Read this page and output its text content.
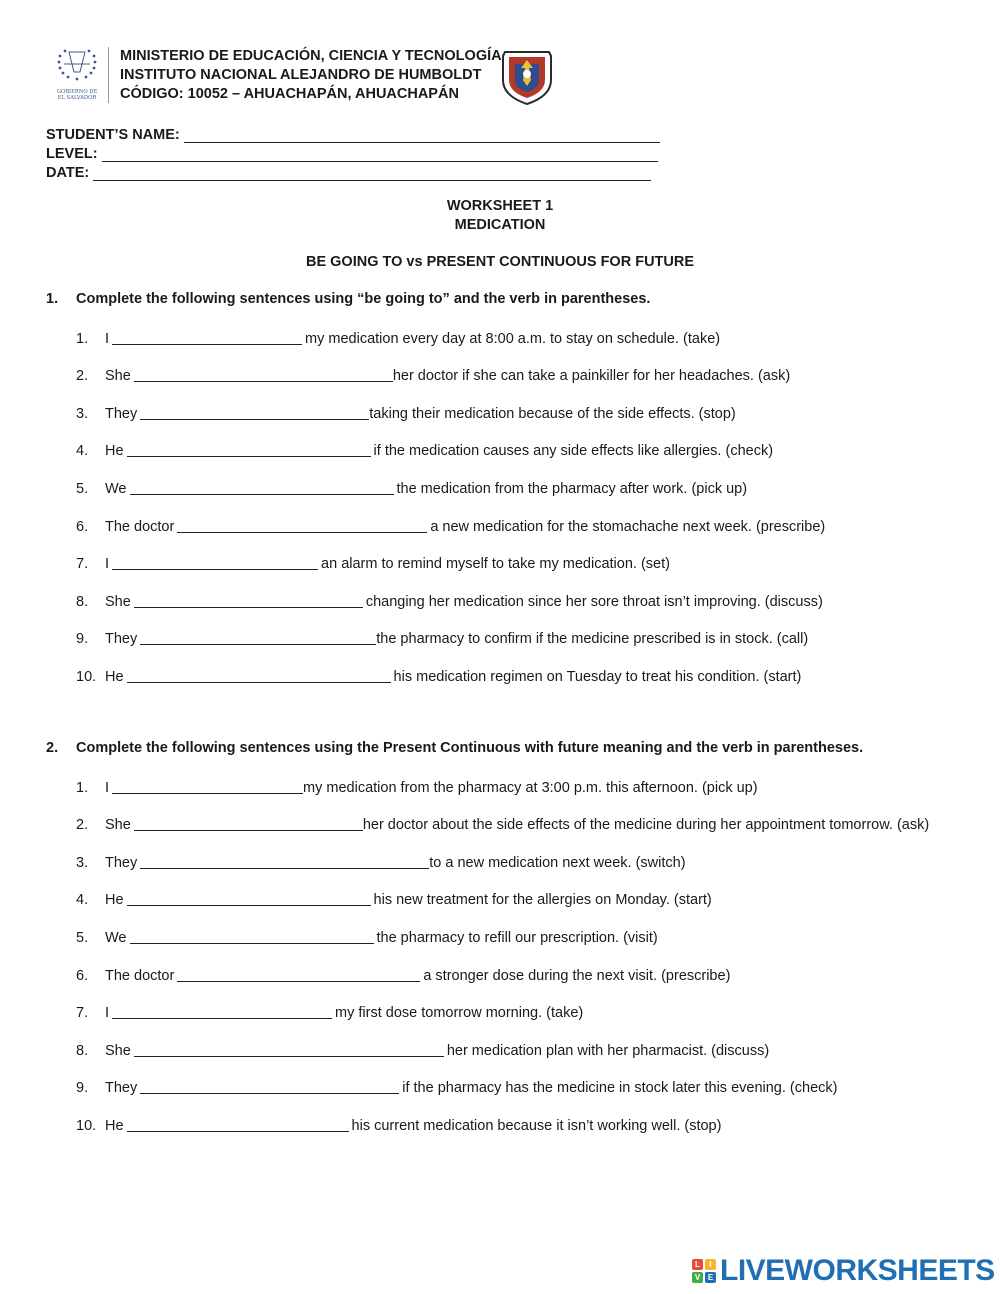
GOBIERNO DE
EL SALVADOR
MINISTERIO DE EDUCACIÓN, CIENCIA Y TECNOLOGÍA
INSTITUTO NACIONAL ALEJANDRO DE HUMBOLDT
CÓDIGO: 10052 – AHUACHAPÁN, AHUACHAPÁN
STUDENT’S NAME:
LEVEL:
DATE:
WORKSHEET 1
MEDICATION
BE GOING TO vs PRESENT CONTINUOUS FOR FUTURE
1. Complete the following sentences using “be going to” and the verb in parentheses.
1.	I	my medication every day at 8:00 a.m. to stay on schedule. (take)
2.	She	her doctor if she can take a painkiller for her headaches. (ask)
3.	They	taking their medication because of the side effects. (stop)
4.	He	if the medication causes any side effects like allergies. (check)
5.	We	the medication from the pharmacy after work. (pick up)
6.	The doctor	a new medication for the stomachache next week. (prescribe)
7.	I	an alarm to remind myself to take my medication. (set)
8.	She	changing her medication since her sore throat isn’t improving. (discuss)
9.	They	the pharmacy to confirm if the medicine prescribed is in stock. (call)
10. He	his medication regimen on Tuesday to treat his condition. (start)
2. Complete the following sentences using the Present Continuous with future meaning and the verb in parentheses.
1.	I	my medication from the pharmacy at 3:00 p.m. this afternoon. (pick up)
2.	She	her doctor about the side effects of the medicine during her appointment tomorrow. (ask)
3.	They	to a new medication next week. (switch)
4.	He	his new treatment for the allergies on Monday. (start)
5.	We	the pharmacy to refill our prescription. (visit)
6.	The doctor	a stronger dose during the next visit. (prescribe)
7.	I	my first dose tomorrow morning. (take)
8.	She	her medication plan with her pharmacist. (discuss)
9.	They	if the pharmacy has the medicine in stock later this evening. (check)
10. He	his current medication because it isn’t working well. (stop)
L	I
V E LIVEWORKSHEETS
